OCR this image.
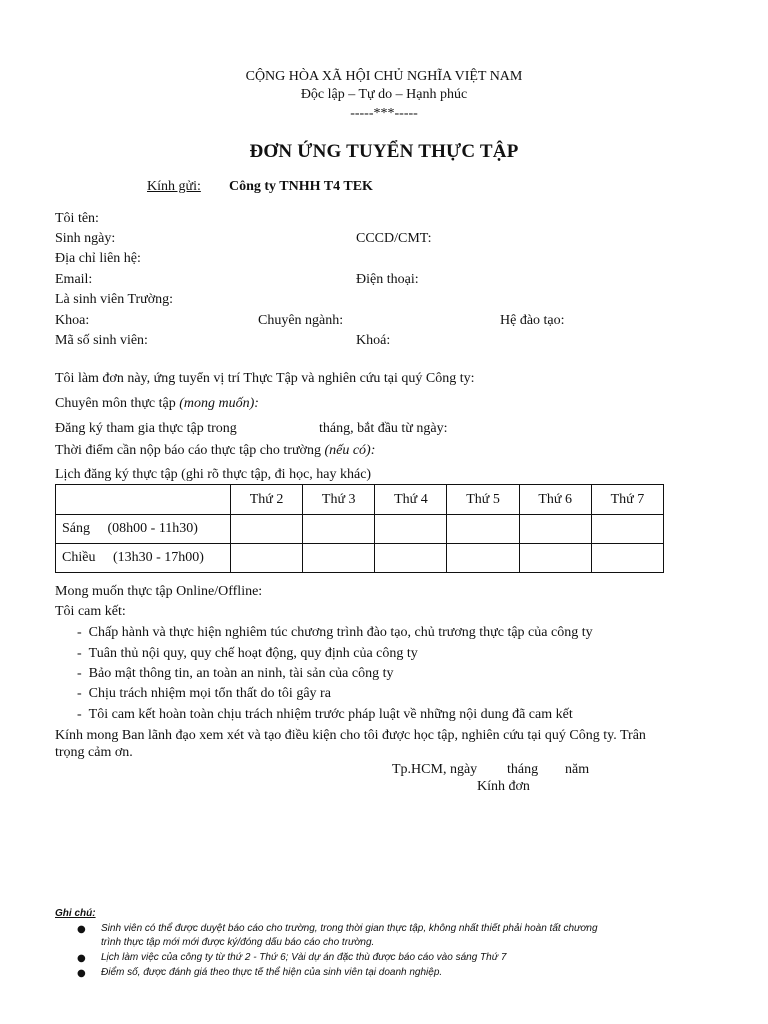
CỘNG HÒA XÃ HỘI CHỦ NGHĨA VIỆT NAM
Độc lập – Tự do – Hạnh phúc
-----***-----
ĐƠN ỨNG TUYỂN THỰC TẬP
Kính gửi: Công ty TNHH T4 TEK
Tôi tên:
Sinh ngày:	CCCD/CMT:
Địa chỉ liên hệ:
Email:	Điện thoại:
Là sinh viên Trường:
Khoa:	Chuyên ngành:	Hệ đào tạo:
Mã số sinh viên:	Khoá:
Tôi làm đơn này, ứng tuyển vị trí Thực Tập và nghiên cứu tại quý Công ty:
Chuyên môn thực tập (mong muốn):
Đăng ký tham gia thực tập trong	tháng, bắt đầu từ ngày:
Thời điểm cần nộp báo cáo thực tập cho trường (nếu có):
Lịch đăng ký thực tập (ghi rõ thực tập, đi học, hay khác)
	Thứ 2	Thứ 3	Thứ 4	Thứ 5	Thứ 6	Thứ 7
Sáng (08h00 - 11h30)						
Chiều (13h30 - 17h00)						
Mong muốn thực tập Online/Offline:
Tôi cam kết:
-  Chấp hành và thực hiện nghiêm túc chương trình đào tạo, chủ trương thực tập của công ty
-  Tuân thủ nội quy, quy chế hoạt động, quy định của công ty
-  Bảo mật thông tin, an toàn an ninh, tài sản của công ty
-  Chịu trách nhiệm mọi tổn thất do tôi gây ra
-  Tôi cam kết hoàn toàn chịu trách nhiệm trước pháp luật về những nội dung đã cam kết
Kính mong Ban lãnh đạo xem xét và tạo điều kiện cho tôi được học tập, nghiên cứu tại quý Công ty. Trân
trọng cảm ơn.
Tp.HCM, ngày tháng năm
Kính đơn
Ghi chú:
● Sinh viên có thể được duyệt báo cáo cho trường, trong thời gian thực tập, không nhất thiết phải hoàn tất chương
trình thực tập mới mới được ký/đóng dấu báo cáo cho trường.
● Lịch làm việc của công ty từ thứ 2 - Thứ 6; Vài dự án đặc thù được báo cáo vào sáng Thứ 7
● Điểm số, được đánh giá theo thực tế thể hiện của sinh viên tại doanh nghiệp.
